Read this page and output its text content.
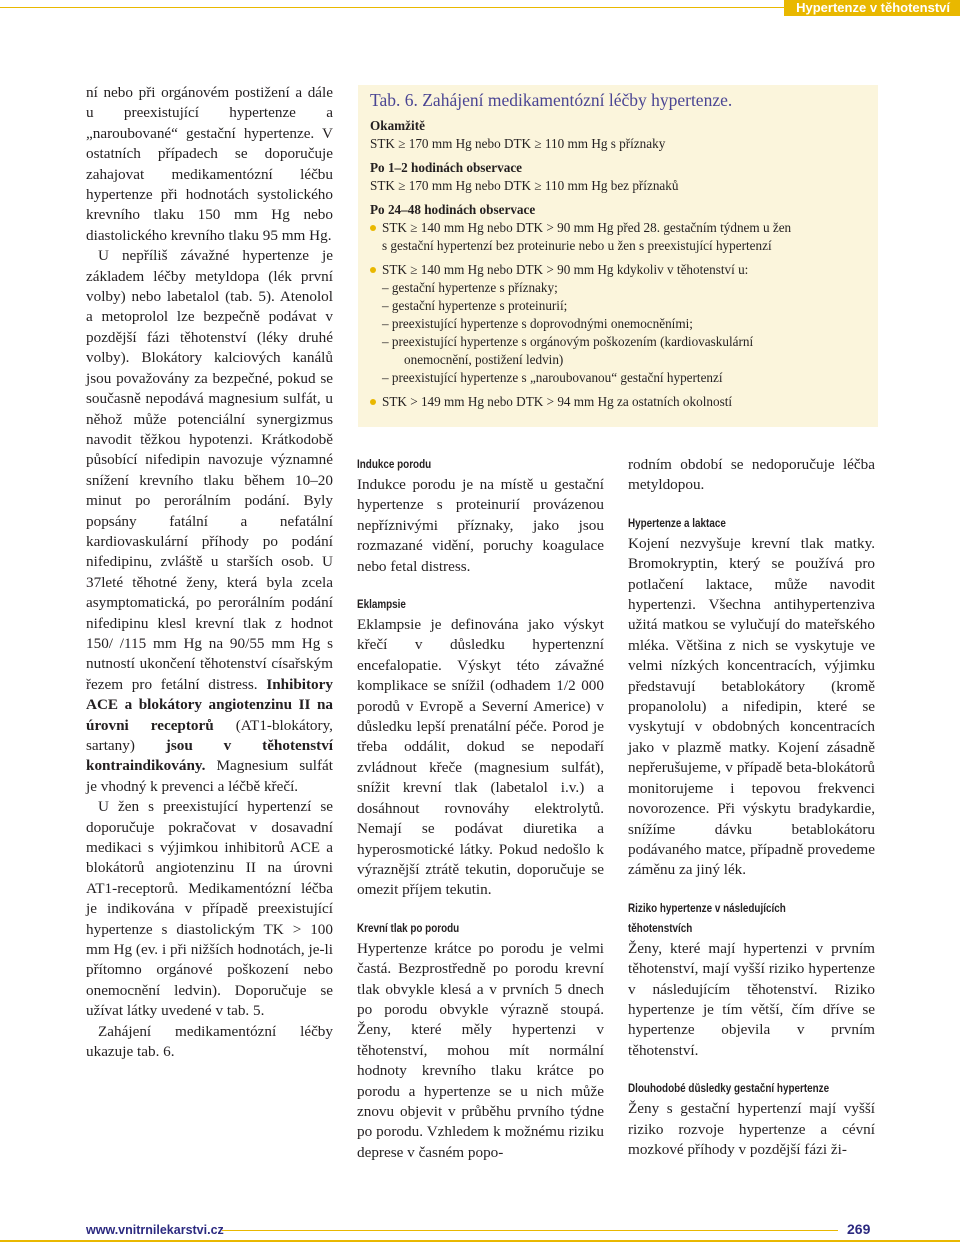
Hypertenze v těhotenství

ní nebo při orgánovém postižení a dále u preexistující hypertenze a „naroubované“ gestační hypertenze. V ostatních případech se doporučuje zahajovat medikamentózní léčbu hypertenze při hodnotách systolického krevního tlaku 150 mm Hg nebo diastolického krevního tlaku 95 mm Hg.

U nepříliš závažné hypertenze je základem léčby metyldopa (lék první volby) nebo labetalol (tab. 5). Atenolol a metoprolol lze bezpečně podávat v pozdější fázi těhotenství (léky druhé volby). Blokátory kalciových kanálů jsou považovány za bezpečné, pokud se současně nepodává magnesium sulfát, u něhož může potenciální synergizmus navodit těžkou hypotenzi. Krátkodobě působící nifedipin navozuje významné snížení krevního tlaku během 10–20 minut po perorálním podání. Byly popsány fatální a nefatální kardiovaskulární příhody po podání nifedipinu, zvláště u starších osob. U 37leté těhotné ženy, která byla zcela asymptomatická, po perorálním podání nifedipinu klesl krevní tlak z hodnot 150/ /115 mm Hg na 90/55 mm Hg s nutností ukončení těhotenství císařským řezem pro fetální distress. Inhibitory ACE a blokátory angiotenzinu II na úrovni receptorů (AT1-blokátory, sartany) jsou v těhotenství kontraindikovány. Magnesium sulfát je vhodný k prevenci a léčbě křečí.

U žen s preexistující hypertenzí se doporučuje pokračovat v dosavadní medikaci s výjimkou inhibitorů ACE a blokátorů angiotenzinu II na úrovni AT1-receptorů. Medikamentózní léčba je indikována v případě preexistující hypertenze s diastolickým TK > 100 mm Hg (ev. i při nižších hodnotách, je-li přítomno orgánové poškození nebo onemocnění ledvin). Doporučuje se užívat látky uvedené v tab. 5.

Zahájení medikamentózní léčby ukazuje tab. 6.

Tab. 6. Zahájení medikamentózní léčby hypertenze.
Okamžitě
STK ≥ 170 mm Hg nebo DTK ≥ 110 mm Hg s příznaky
Po 1–2 hodinách observace
STK ≥ 170 mm Hg nebo DTK ≥ 110 mm Hg bez příznaků
Po 24–48 hodinách observace
STK ≥ 140 mm Hg nebo DTK > 90 mm Hg před 28. gestačním týdnem u žen
s gestační hypertenzí bez proteinurie nebo u žen s preexistující hypertenzí
STK ≥ 140 mm Hg nebo DTK > 90 mm Hg kdykoliv v těhotenství u:
– gestační hypertenze s příznaky;
– gestační hypertenze s proteinurií;
– preexistující hypertenze s doprovodnými onemocněními;
– preexistující hypertenze s orgánovým poškozením (kardiovaskulární
onemocnění, postižení ledvin)
– preexistující hypertenze s „naroubovanou“ gestační hypertenzí
STK > 149 mm Hg nebo DTK > 94 mm Hg za ostatních okolností
Indukce porodu

Indukce porodu je na místě u gestační hypertenze s proteinurií provázenou nepříznivými příznaky, jako jsou rozmazané vidění, poruchy koagulace nebo fetal distress.

Eklampsie

Eklampsie je definována jako výskyt křečí v důsledku hypertenzní encefalopatie. Výskyt této závažné komplikace se snížil (odhadem 1/2 000 porodů v Evropě a Severní Americe) v důsledku lepší prenatální péče. Porod je třeba oddálit, dokud se nepodaří zvládnout křeče (magnesium sulfát), snížit krevní tlak (labetalol i.v.) a dosáhnout rovnováhy elektrolytů. Nemají se podávat diuretika a hyperosmotické látky. Pokud nedošlo k výraznější ztrátě tekutin, doporučuje se omezit příjem tekutin.

Krevní tlak po porodu

Hypertenze krátce po porodu je velmi častá. Bezprostředně po porodu krevní tlak obvykle klesá a v prvních 5 dnech po porodu obvykle výrazně stoupá. Ženy, které měly hypertenzi v těhotenství, mohou mít normální hodnoty krevního tlaku krátce po porodu a hypertenze se u nich může znovu objevit v průběhu prvního týdne po porodu. Vzhledem k možnému riziku deprese v časném popo-

rodním období se nedoporučuje léčba metyldopou.

Hypertenze a laktace

Kojení nezvyšuje krevní tlak matky. Bromokryptin, který se používá pro potlačení laktace, může navodit hypertenzi. Všechna antihypertenziva užitá matkou se vylučují do mateřského mléka. Většina z nich se vyskytuje ve velmi nízkých koncentracích, výjimku představují betablokátory (kromě propanololu) a nifedipin, které se vyskytují v obdobných koncentracích jako v plazmě matky. Kojení zásadně nepřerušujeme, v případě beta-blokátorů monitorujeme i tepovou frekvenci novorozence. Při výskytu bradykardie, snížíme dávku betablokátoru podávaného matce, případně provedeme záměnu za jiný lék.

Riziko hypertenze v následujících těhotenstvích

Ženy, které mají hypertenzi v prvním těhotenství, mají vyšší riziko hypertenze v následujícím těhotenství. Riziko hypertenze je tím větší, čím dříve se hypertenze objevila v prvním těhotenství.

Dlouhodobé důsledky gestační hypertenze

Ženy s gestační hypertenzí mají vyšší riziko rozvoje hypertenze a cévní mozkové příhody v pozdější fázi ži-

www.vnitrnilekarstvi.cz	269
